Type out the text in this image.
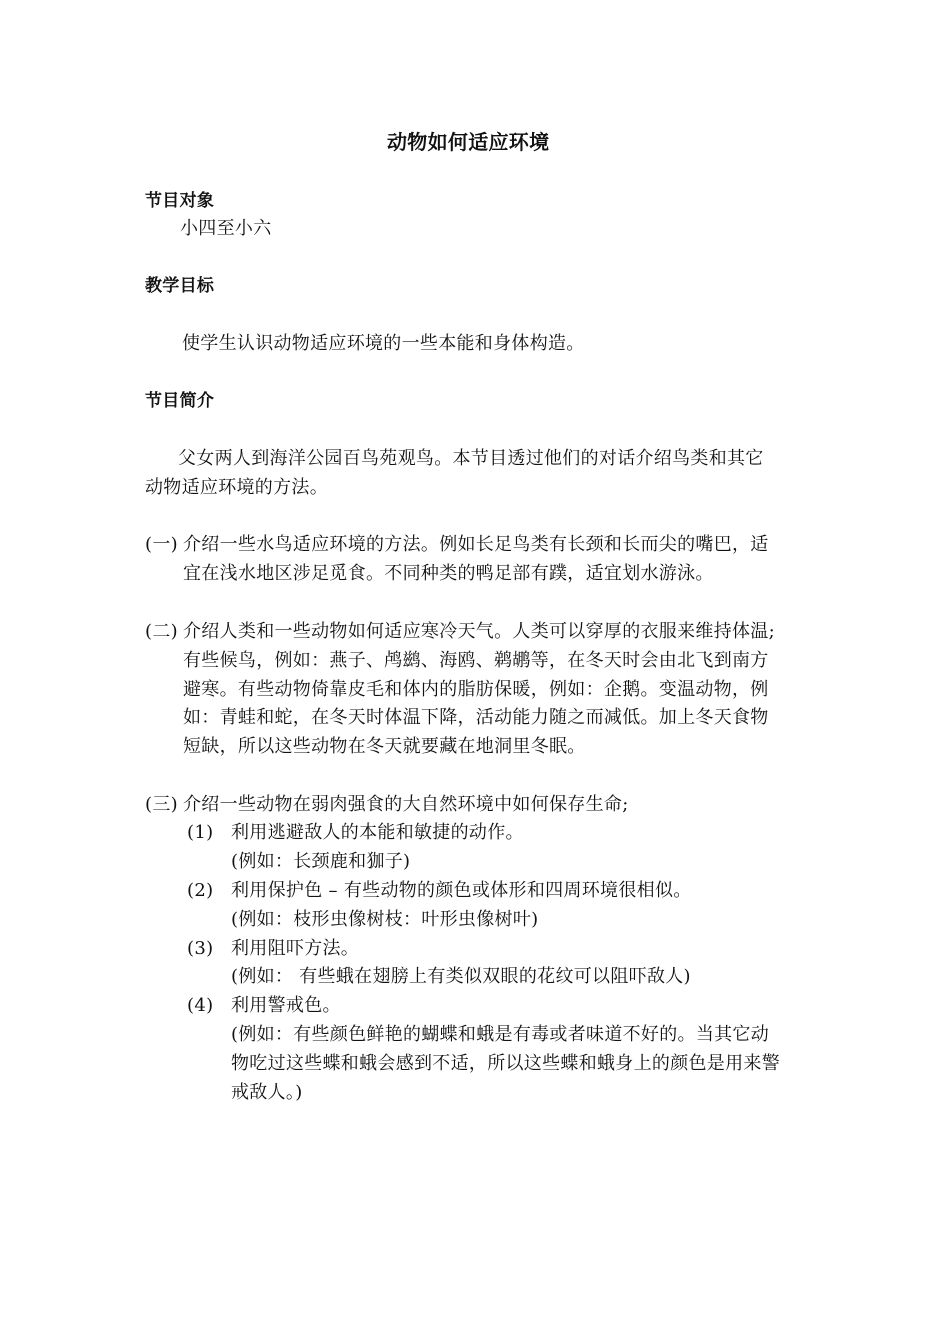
动物如何适应环境
节目对象
小四至小六
教学目标
使学生认识动物适应环境的一些本能和身体构造。
节目简介
父女两人到海洋公园百鸟苑观鸟。本节目透过他们的对话介绍鸟类和其它
动物适应环境的方法。
(一) 介绍一些水鸟适应环境的方法。例如长足鸟类有长颈和长而尖的嘴巴，适
宜在浅水地区涉足觅食。不同种类的鸭足部有蹼，适宜划水游泳。
(二) 介绍人类和一些动物如何适应寒冷天气。人类可以穿厚的衣服来维持体温;
有些候鸟，例如：燕子、鸬鹚、海鸥、鹈鹕等，在冬天时会由北飞到南方
避寒。有些动物倚靠皮毛和体内的脂肪保暖，例如：企鹅。变温动物，例
如：青蛙和蛇，在冬天时体温下降，活动能力随之而减低。加上冬天食物
短缺，所以这些动物在冬天就要藏在地洞里冬眠。
(三) 介绍一些动物在弱肉强食的大自然环境中如何保存生命;
(1) 利用逃避敌人的本能和敏捷的动作。
(例如：长颈鹿和㹢子)
(2) 利用保护色 – 有些动物的颜色或体形和四周环境很相似。
(例如：枝形虫像树枝：叶形虫像树叶)
(3) 利用阻吓方法。
(例如： 有些蛾在翅膀上有类似双眼的花纹可以阻吓敌人)
(4) 利用警戒色。
(例如：有些颜色鲜艳的蝴蝶和蛾是有毒或者味道不好的。当其它动
物吃过这些蝶和蛾会感到不适，所以这些蝶和蛾身上的颜色是用来警
戒敌人。)
